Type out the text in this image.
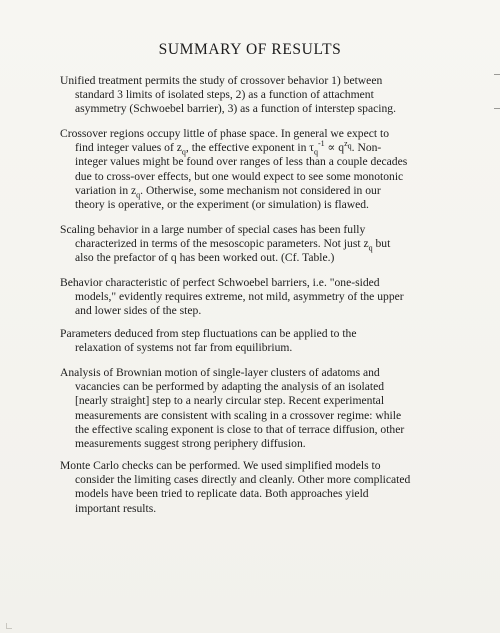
SUMMARY OF RESULTS
Unified treatment permits the study of crossover behavior 1) between
standard 3 limits of isolated steps, 2) as a function of attachment
asymmetry (Schwoebel barrier), 3) as a function of interstep spacing.
Crossover regions occupy little of phase space. In general we expect to
find integer values of $z_q$, the effective exponent in $\tau_q^{-1} \propto q^{z_q}$. Non-
integer values might be found over ranges of less than a couple decades
due to cross-over effects, but one would expect to see some monotonic
variation in $z_q$. Otherwise, some mechanism not considered in our
theory is operative, or the experiment (or simulation) is flawed.
Scaling behavior in a large number of special cases has been fully
characterized in terms of the mesoscopic parameters. Not just $z_q$ but
also the prefactor of q has been worked out. (Cf. Table.)
Behavior characteristic of perfect Schwoebel barriers, i.e. "one-sided
models," evidently requires extreme, not mild, asymmetry of the upper
and lower sides of the step.
Parameters deduced from step fluctuations can be applied to the
relaxation of systems not far from equilibrium.
Analysis of Brownian motion of single-layer clusters of adatoms and
vacancies can be performed by adapting the analysis of an isolated
[nearly straight] step to a nearly circular step. Recent experimental
measurements are consistent with scaling in a crossover regime: while
the effective scaling exponent is close to that of terrace diffusion, other
measurements suggest strong periphery diffusion.
Monte Carlo checks can be performed. We used simplified models to
consider the limiting cases directly and cleanly. Other more complicated
models have been tried to replicate data. Both approaches yield
important results.
